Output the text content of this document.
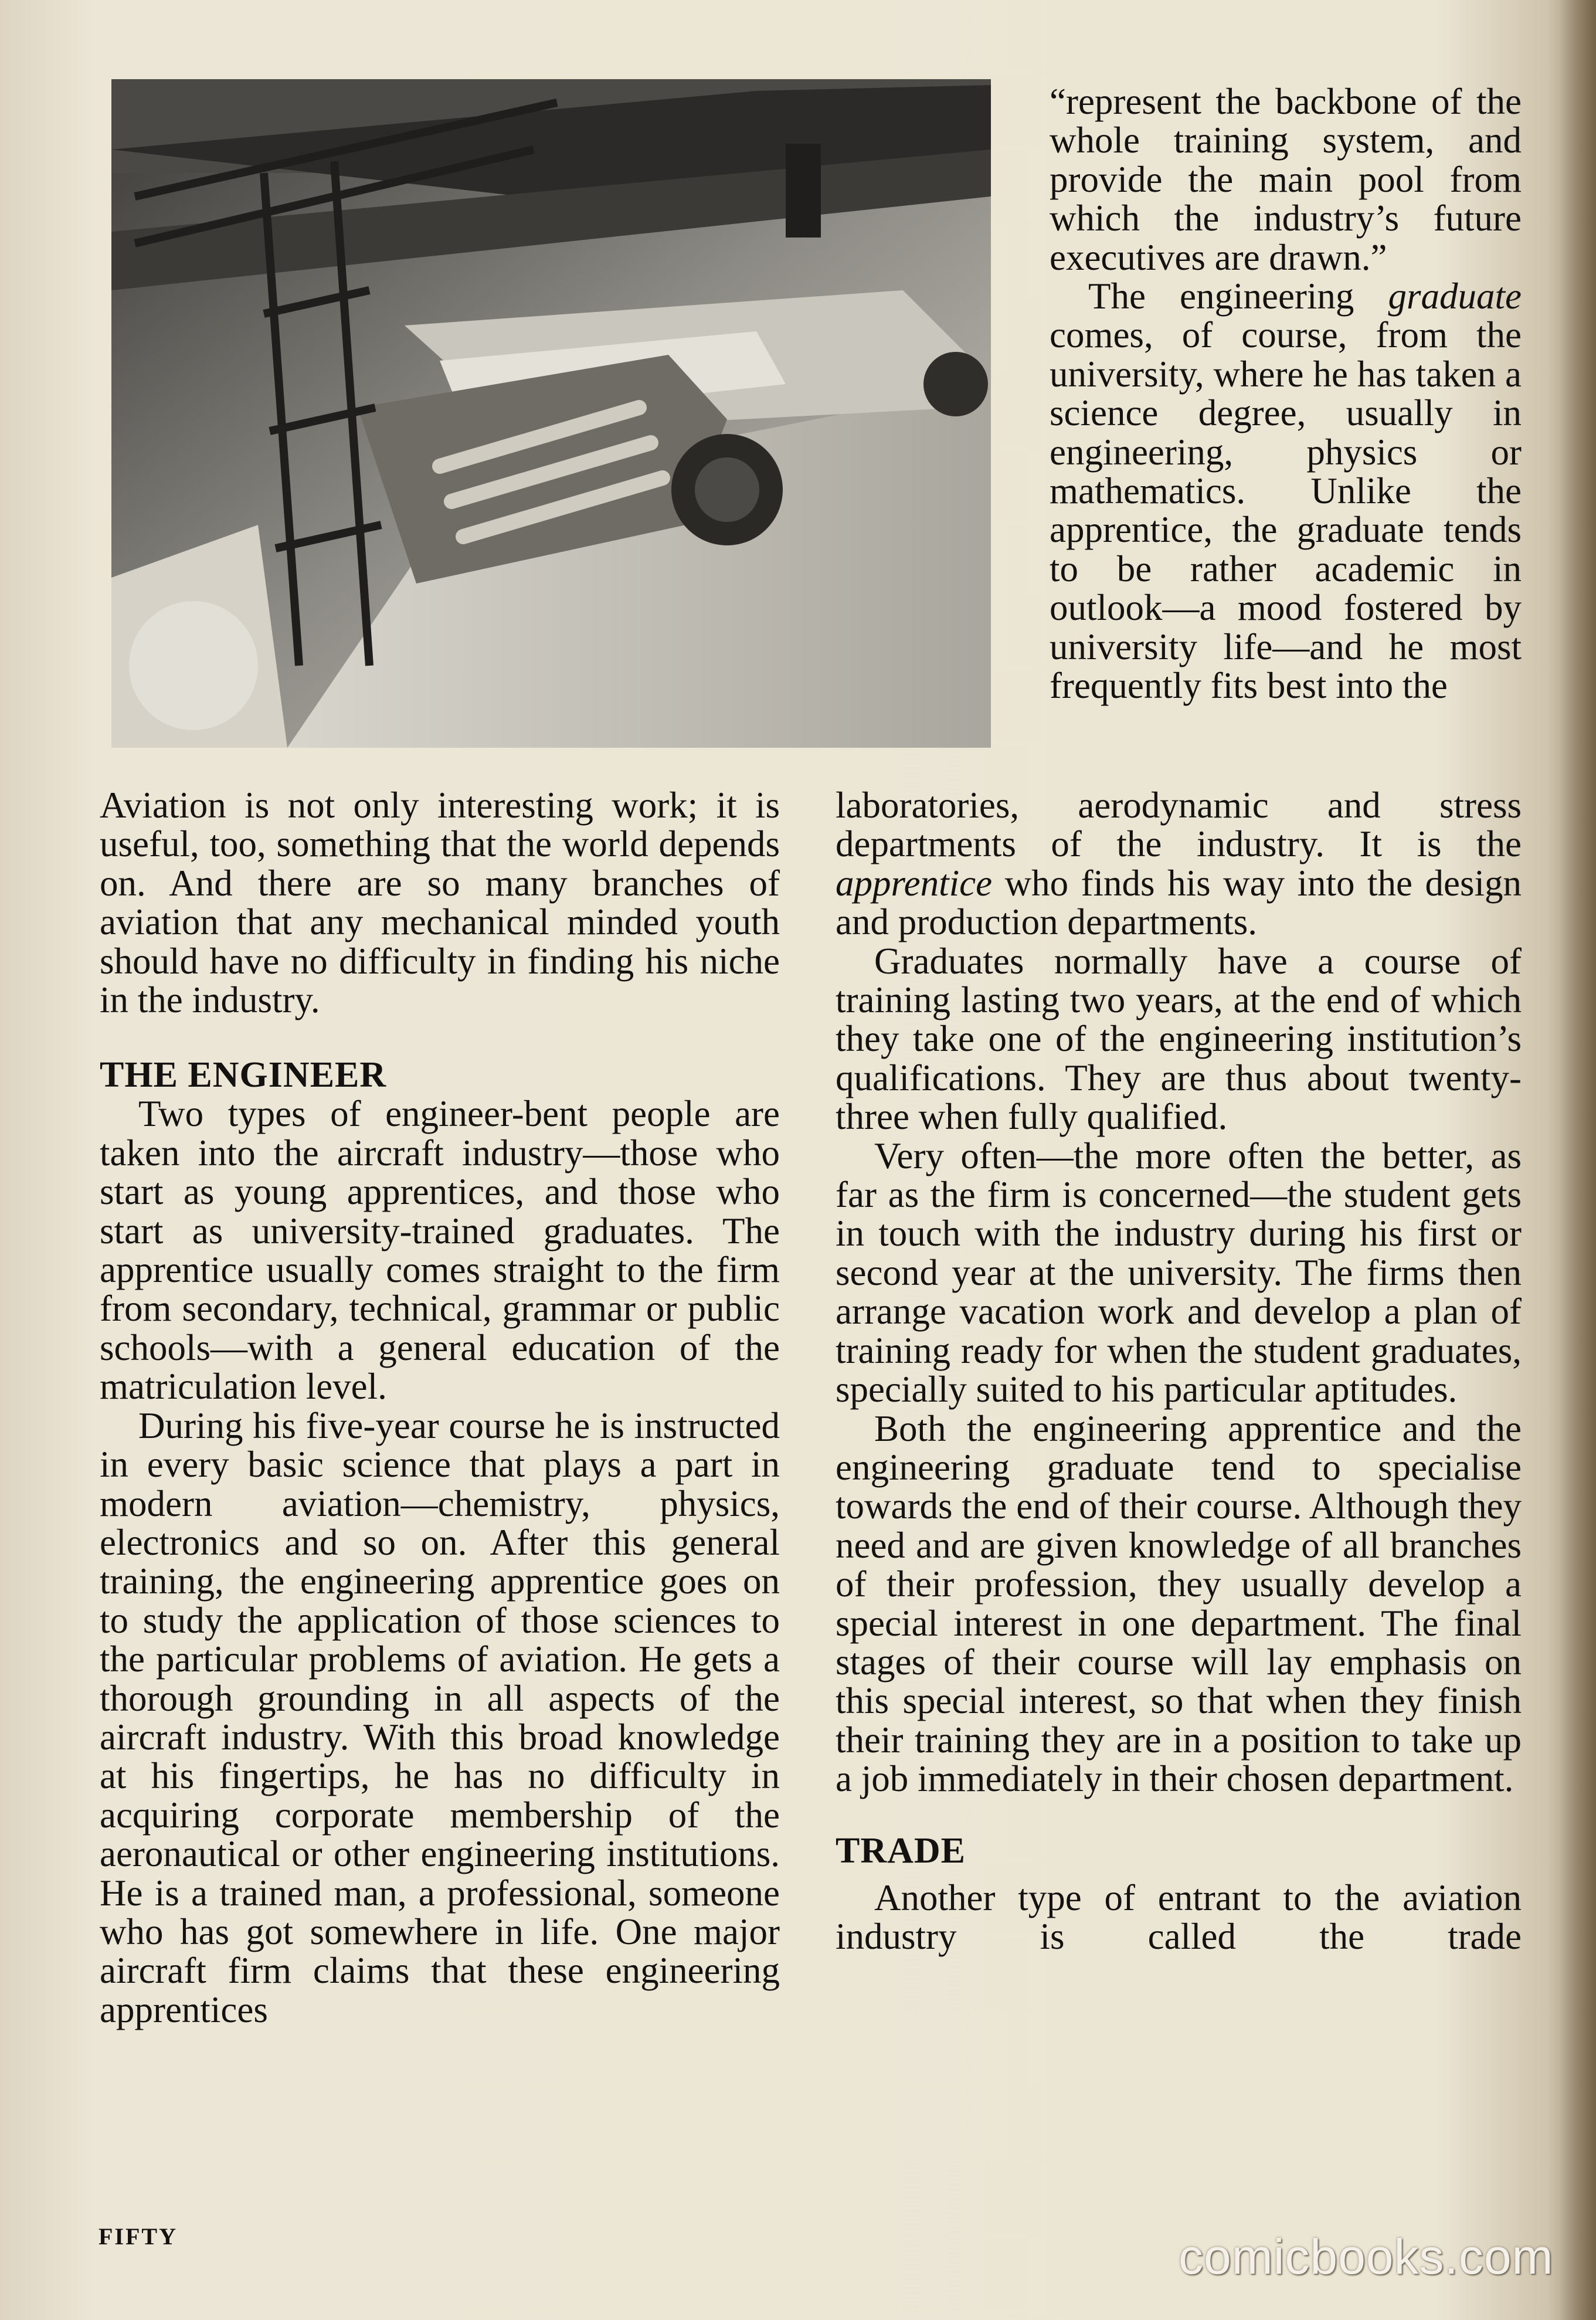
“represent the backbone of the whole training system, and provide the main pool from which the industry’s future executives are drawn.”

The engineering graduate comes, of course, from the university, where he has taken a science degree, usually in engineering, physics or mathematics. Unlike the apprentice, the graduate tends to be rather academic in outlook—a mood fostered by university life—and he most frequently fits best into the

Aviation is not only interesting work; it is useful, too, something that the world depends on. And there are so many branches of aviation that any mechanical minded youth should have no difficulty in finding his niche in the industry.

THE ENGINEER

Two types of engineer-bent people are taken into the aircraft industry—those who start as young apprentices, and those who start as university-trained graduates. The apprentice usually comes straight to the firm from secondary, technical, grammar or public schools—with a general education of the matriculation level.

During his five-year course he is instructed in every basic science that plays a part in modern aviation—chemistry, physics, electronics and so on. After this general training, the engineering apprentice goes on to study the application of those sciences to the particular problems of aviation. He gets a thorough grounding in all aspects of the aircraft industry. With this broad knowledge at his fingertips, he has no difficulty in acquiring corporate membership of the aeronautical or other engineering institutions. He is a trained man, a professional, someone who has got somewhere in life. One major aircraft firm claims that these engineering apprentices

laboratories, aerodynamic and stress departments of the industry. It is the apprentice who finds his way into the design and production departments.

Graduates normally have a course of training lasting two years, at the end of which they take one of the engineering institution’s qualifications. They are thus about twenty-three when fully qualified.

Very often—the more often the better, as far as the firm is concerned—the student gets in touch with the industry during his first or second year at the university. The firms then arrange vacation work and develop a plan of training ready for when the student graduates, specially suited to his particular aptitudes.

Both the engineering apprentice and the engineering graduate tend to specialise towards the end of their course. Although they need and are given knowledge of all branches of their profession, they usually develop a special interest in one department. The final stages of their course will lay emphasis on this special interest, so that when they finish their training they are in a position to take up a job immediately in their chosen department.

TRADE

Another type of entrant to the aviation industry is called the trade

FIFTY	comicbooks.com
